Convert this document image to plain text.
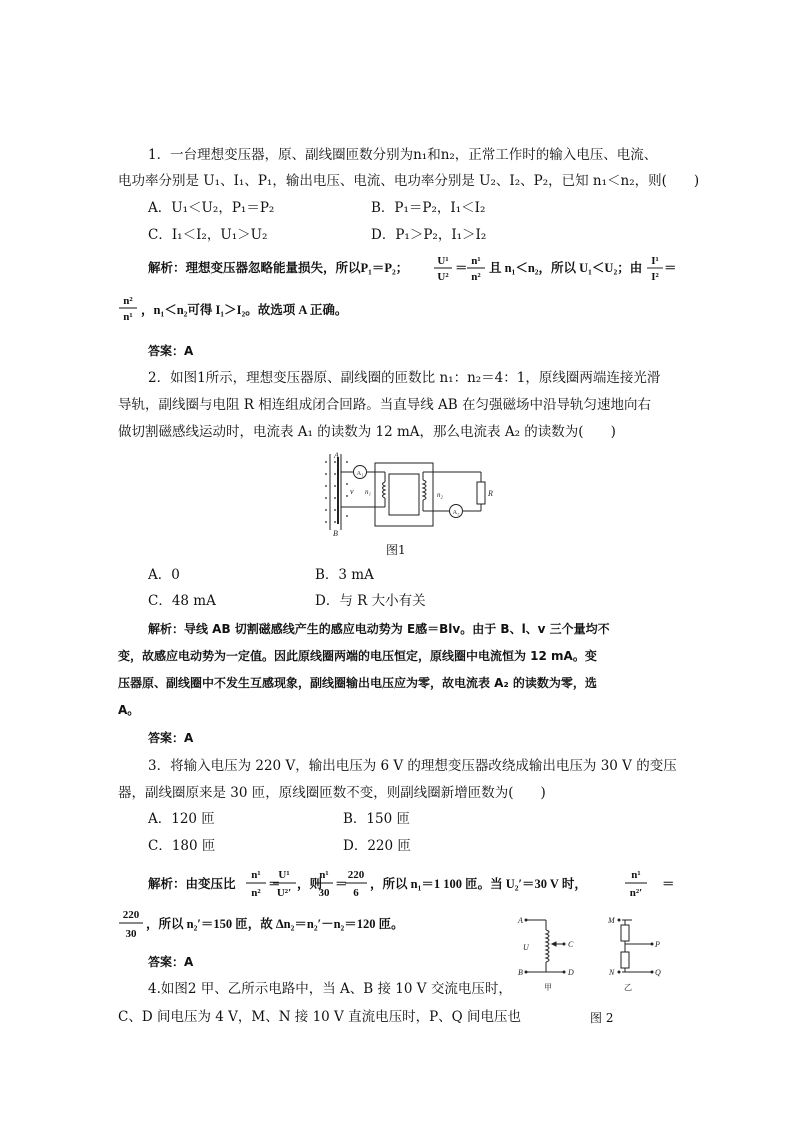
1．一台理想变压器，原、副线圈匝数分别为n₁和n₂，正常工作时的输入电压、电流、
电功率分别是 U₁、I₁、P₁，输出电压、电流、电功率分别是 U₂、I₂、P₂，已知 n₁＜n₂，则(　　)
A．U₁＜U₂，P₁＝P₂	B．P₁＝P₂，I₁＜I₂
C．I₁＜I₂，U₁＞U₂	D．P₁＞P₂，I₁＞I₂
解析：理想变压器忽略能量损失，所以P₁＝P₂；	U¹
U²
＝ n¹
n²
且 n₁＜n₂，所以 U₁＜U₂；由 I¹
I²
＝
n²
n¹ ，n₁＜n₂可得 I₁＞I₂。故选项 A 正确。
答案：A
2．如图1所示，理想变压器原、副线圈的匝数比 n₁：n₂＝4：1，原线圈两端连接光滑
导轨，副线圈与电阻 R 相连组成闭合回路。当直导线 AB 在匀强磁场中沿导轨匀速地向右
做切割磁感线运动时，电流表 A₁ 的读数为 12 mA，那么电流表 A₂ 的读数为(　　)
A
B
v n₁	n₂	R
A₁
A₂
图1
A．0	B．3 mA
C．48 mA	D．与 R 大小有关
解析：导线 AB 切割磁感线产生的感应电动势为 E感＝Blv。由于 B、l、v 三个量均不
变，故感应电动势为一定值。因此原线圈两端的电压恒定，原线圈中电流恒为 12 mA。变
压器原、副线圈中不发生互感现象，副线圈输出电压应为零，故电流表 A₂ 的读数为零，选
A。
答案：A
3．将输入电压为 220 V，输出电压为 6 V 的理想变压器改绕成输出电压为 30 V 的变压
器，副线圈原来是 30 匝，原线圈匝数不变，则副线圈新增匝数为(　　)
A．120 匝	B．150 匝
C．180 匝	D．220 匝
解析：由变压比
n¹
n²
＝
U¹
U²′
，则
n¹
30
＝
220
6
，所以 n₁＝1 100 匝。当 U₂′＝30 V 时，
n¹
n²′
＝
220
30
，所以 n₂′＝150 匝，故 Δn₂＝n₂′－n₂＝120 匝。
答案：A
4.如图2 甲、乙所示电路中，当 A、B 接 10 V 交流电压时，
C、D 间电压为 4 V，M、N 接 10 V 直流电压时，P、Q 间电压也
A
B
U	C
D
M
N
P
Q
甲	乙
图 2
